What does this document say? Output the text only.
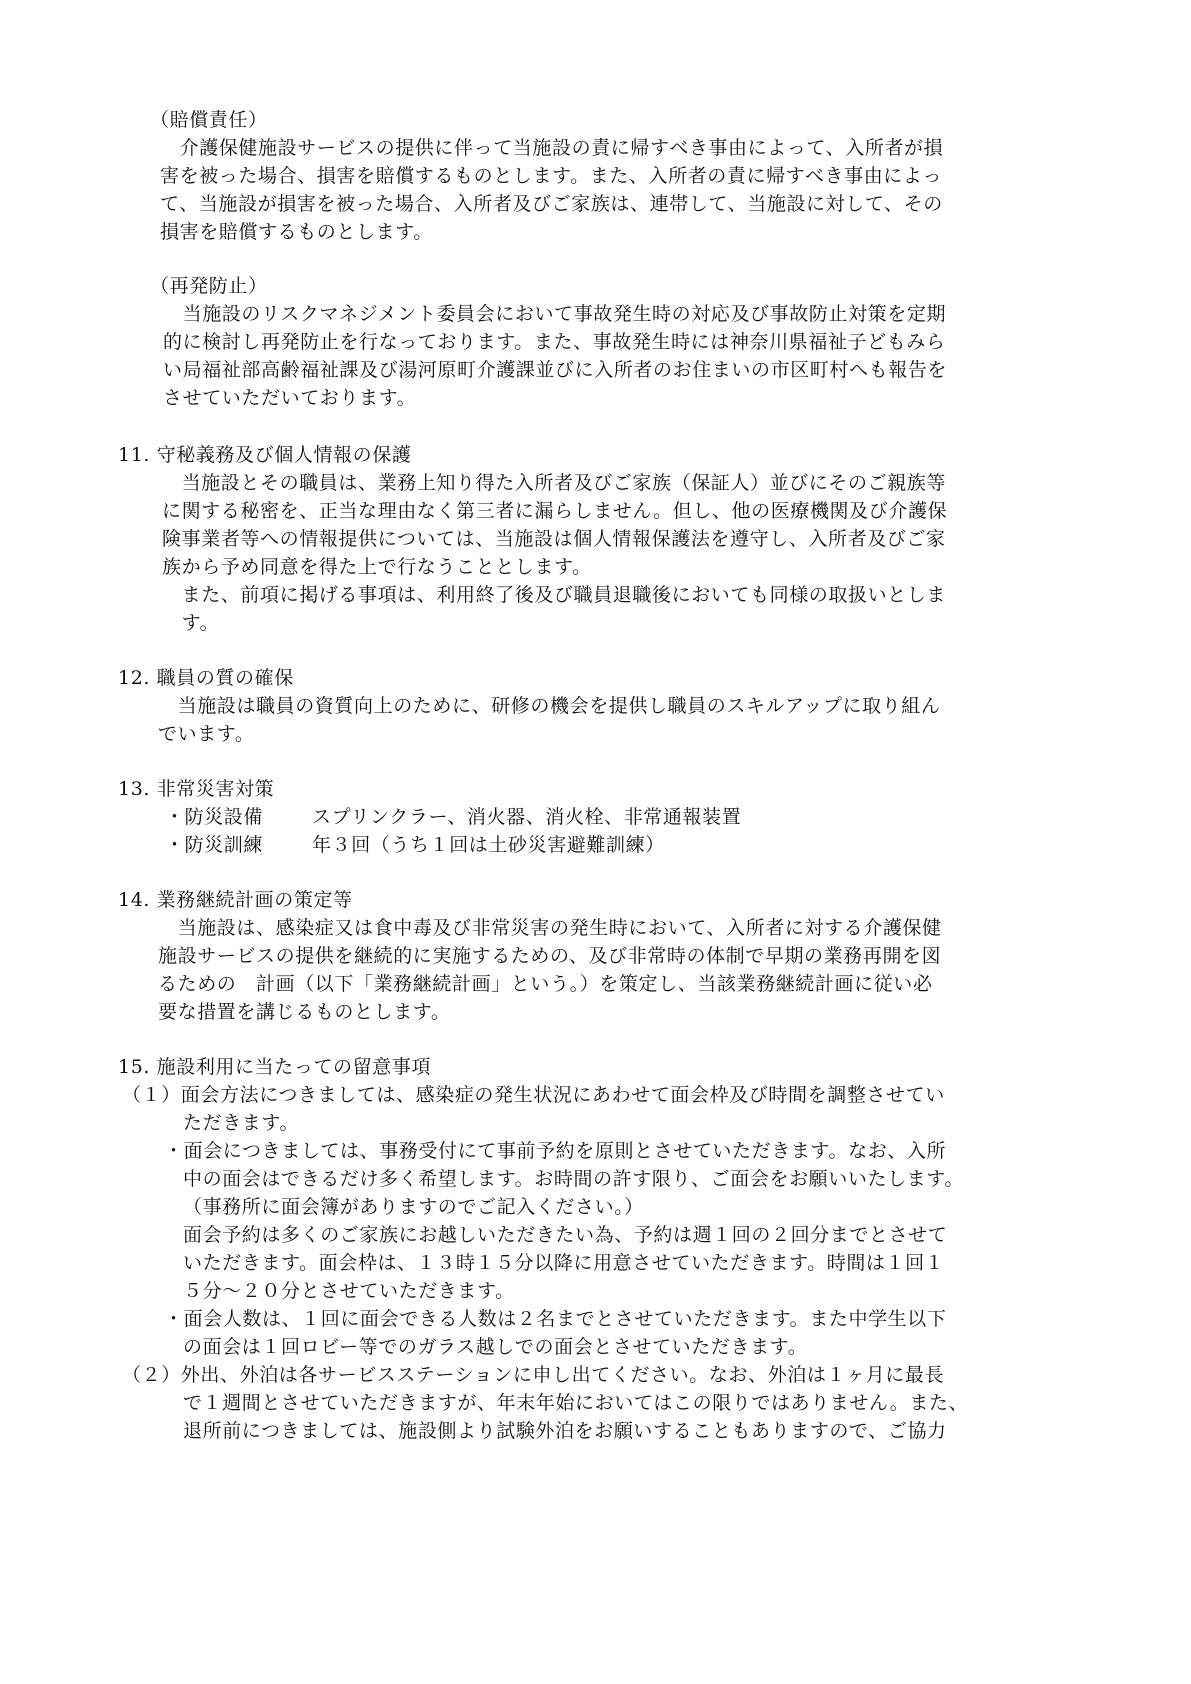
（賠償責任）
　介護保健施設サービスの提供に伴って当施設の責に帰すべき事由によって、入所者が損
害を被った場合、損害を賠償するものとします。また、入所者の責に帰すべき事由によっ
て、当施設が損害を被った場合、入所者及びご家族は、連帯して、当施設に対して、その
損害を賠償するものとします。
（再発防止）
　当施設のリスクマネジメント委員会において事故発生時の対応及び事故防止対策を定期
的に検討し再発防止を行なっております。また、事故発生時には神奈川県福祉子どもみら
い局福祉部高齢福祉課及び湯河原町介護課並びに入所者のお住まいの市区町村へも報告を
させていただいております。
11. 守秘義務及び個人情報の保護
　当施設とその職員は、業務上知り得た入所者及びご家族（保証人）並びにそのご親族等
に関する秘密を、正当な理由なく第三者に漏らしません。但し、他の医療機関及び介護保
険事業者等への情報提供については、当施設は個人情報保護法を遵守し、入所者及びご家
族から予め同意を得た上で行なうこととします。
　また、前項に掲げる事項は、利用終了後及び職員退職後においても同様の取扱いとしま
　す。
12. 職員の質の確保
　当施設は職員の資質向上のために、研修の機会を提供し職員のスキルアップに取り組ん
でいます。
13. 非常災害対策
・防災設備	スプリンクラー、消火器、消火栓、非常通報装置
・防災訓練	年３回（うち１回は土砂災害避難訓練）
14. 業務継続計画の策定等
　当施設は、感染症又は食中毒及び非常災害の発生時において、入所者に対する介護保健
施設サービスの提供を継続的に実施するための、及び非常時の体制で早期の業務再開を図
るための　計画（以下「業務継続計画」という。）を策定し、当該業務継続計画に従い必
要な措置を講じるものとします。
15. 施設利用に当たっての留意事項
（１）面会方法につきましては、感染症の発生状況にあわせて面会枠及び時間を調整させてい
ただきます。
・面会につきましては、事務受付にて事前予約を原則とさせていただきます。なお、入所
中の面会はできるだけ多く希望します。お時間の許す限り、ご面会をお願いいたします。
（事務所に面会簿がありますのでご記入ください。）
面会予約は多くのご家族にお越しいただきたい為、予約は週１回の２回分までとさせて
いただきます。面会枠は、１３時１５分以降に用意させていただきます。時間は１回１
５分～２０分とさせていただきます。
・面会人数は、１回に面会できる人数は２名までとさせていただきます。また中学生以下
の面会は１回ロビー等でのガラス越しでの面会とさせていただきます。
（２）外出、外泊は各サービスステーションに申し出てください。なお、外泊は１ヶ月に最長
で１週間とさせていただきますが、年末年始においてはこの限りではありません。また、
退所前につきましては、施設側より試験外泊をお願いすることもありますので、ご協力
